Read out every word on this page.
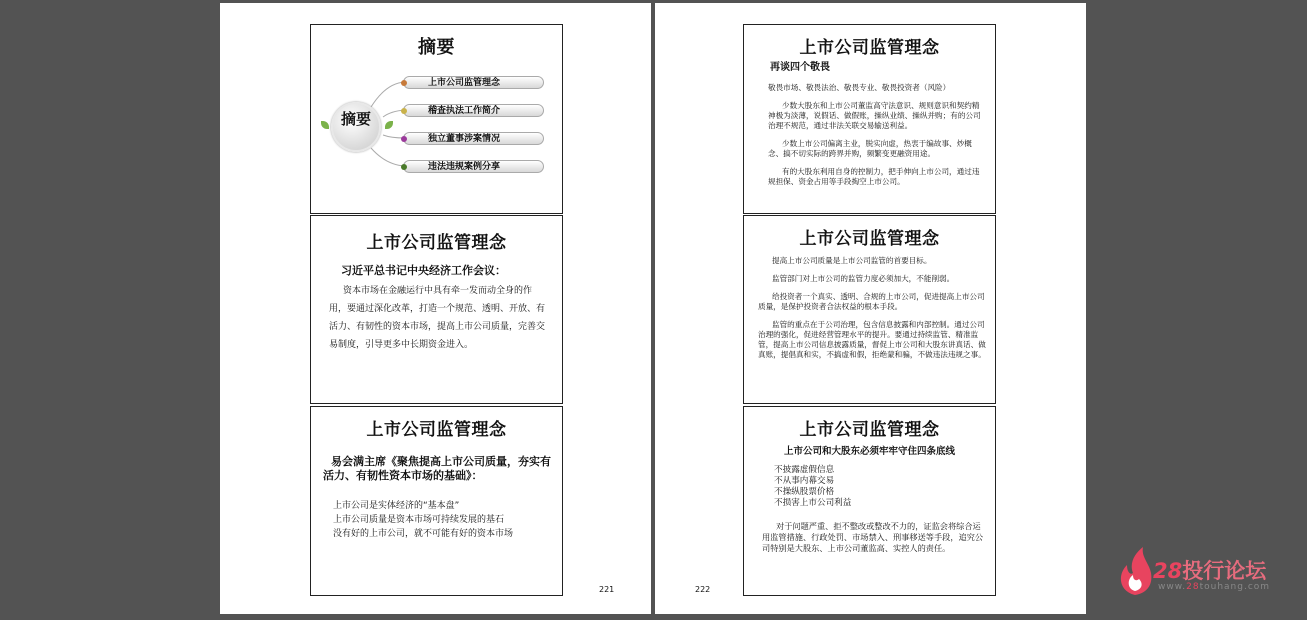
摘要
摘要
上市公司监管理念
稽查执法工作简介
独立董事涉案情况
违法违规案例分享
上市公司监管理念
习近平总书记中央经济工作会议：
资本市场在金融运行中具有牵一发而动全身的作用，要通过深化改革，打造一个规范、透明、开放、有活力、有韧性的资本市场，提高上市公司质量，完善交易制度，引导更多中长期资金进入。
上市公司监管理念
易会满主席《聚焦提高上市公司质量，夯实有活力、有韧性资本市场的基础》：
上市公司是实体经济的“基本盘”
上市公司质量是资本市场可持续发展的基石
没有好的上市公司，就不可能有好的资本市场
221
上市公司监管理念
再谈四个敬畏

敬畏市场、敬畏法治、敬畏专业、敬畏投资者（风险）

少数大股东和上市公司董监高守法意识、规则意识和契约精神极为淡薄，说假话、做假账，操纵业绩、操纵并购；有的公司治理不规范，通过非法关联交易输送利益。

少数上市公司偏离主业，脱实向虚，热衷于编故事、炒概念、搞不切实际的跨界并购，频繁变更融资用途。

有的大股东利用自身的控制力，把手伸向上市公司，通过违规担保、资金占用等手段掏空上市公司。

上市公司监管理念

提高上市公司质量是上市公司监管的首要目标。

监管部门对上市公司的监管力度必须加大，不能削弱。

给投资者一个真实、透明、合规的上市公司，促进提高上市公司质量，是保护投资者合法权益的根本手段。

监管的重点在于公司治理，包含信息披露和内部控制。通过公司治理的强化，促进经营管理水平的提升。要通过持续监管、精准监管，提高上市公司信息披露质量，督促上市公司和大股东讲真话、做真账，提倡真和实，不搞虚和假，拒绝蒙和骗，不做违法违规之事。

上市公司监管理念
上市公司和大股东必须牢牢守住四条底线
不披露虚假信息
不从事内幕交易
不操纵股票价格
不损害上市公司利益

对于问题严重、拒不整改或整改不力的，证监会将综合运用监管措施、行政处罚、市场禁入、刑事移送等手段，追究公司特别是大股东、上市公司董监高、实控人的责任。

222
28投行论坛
www.28touhang.com
